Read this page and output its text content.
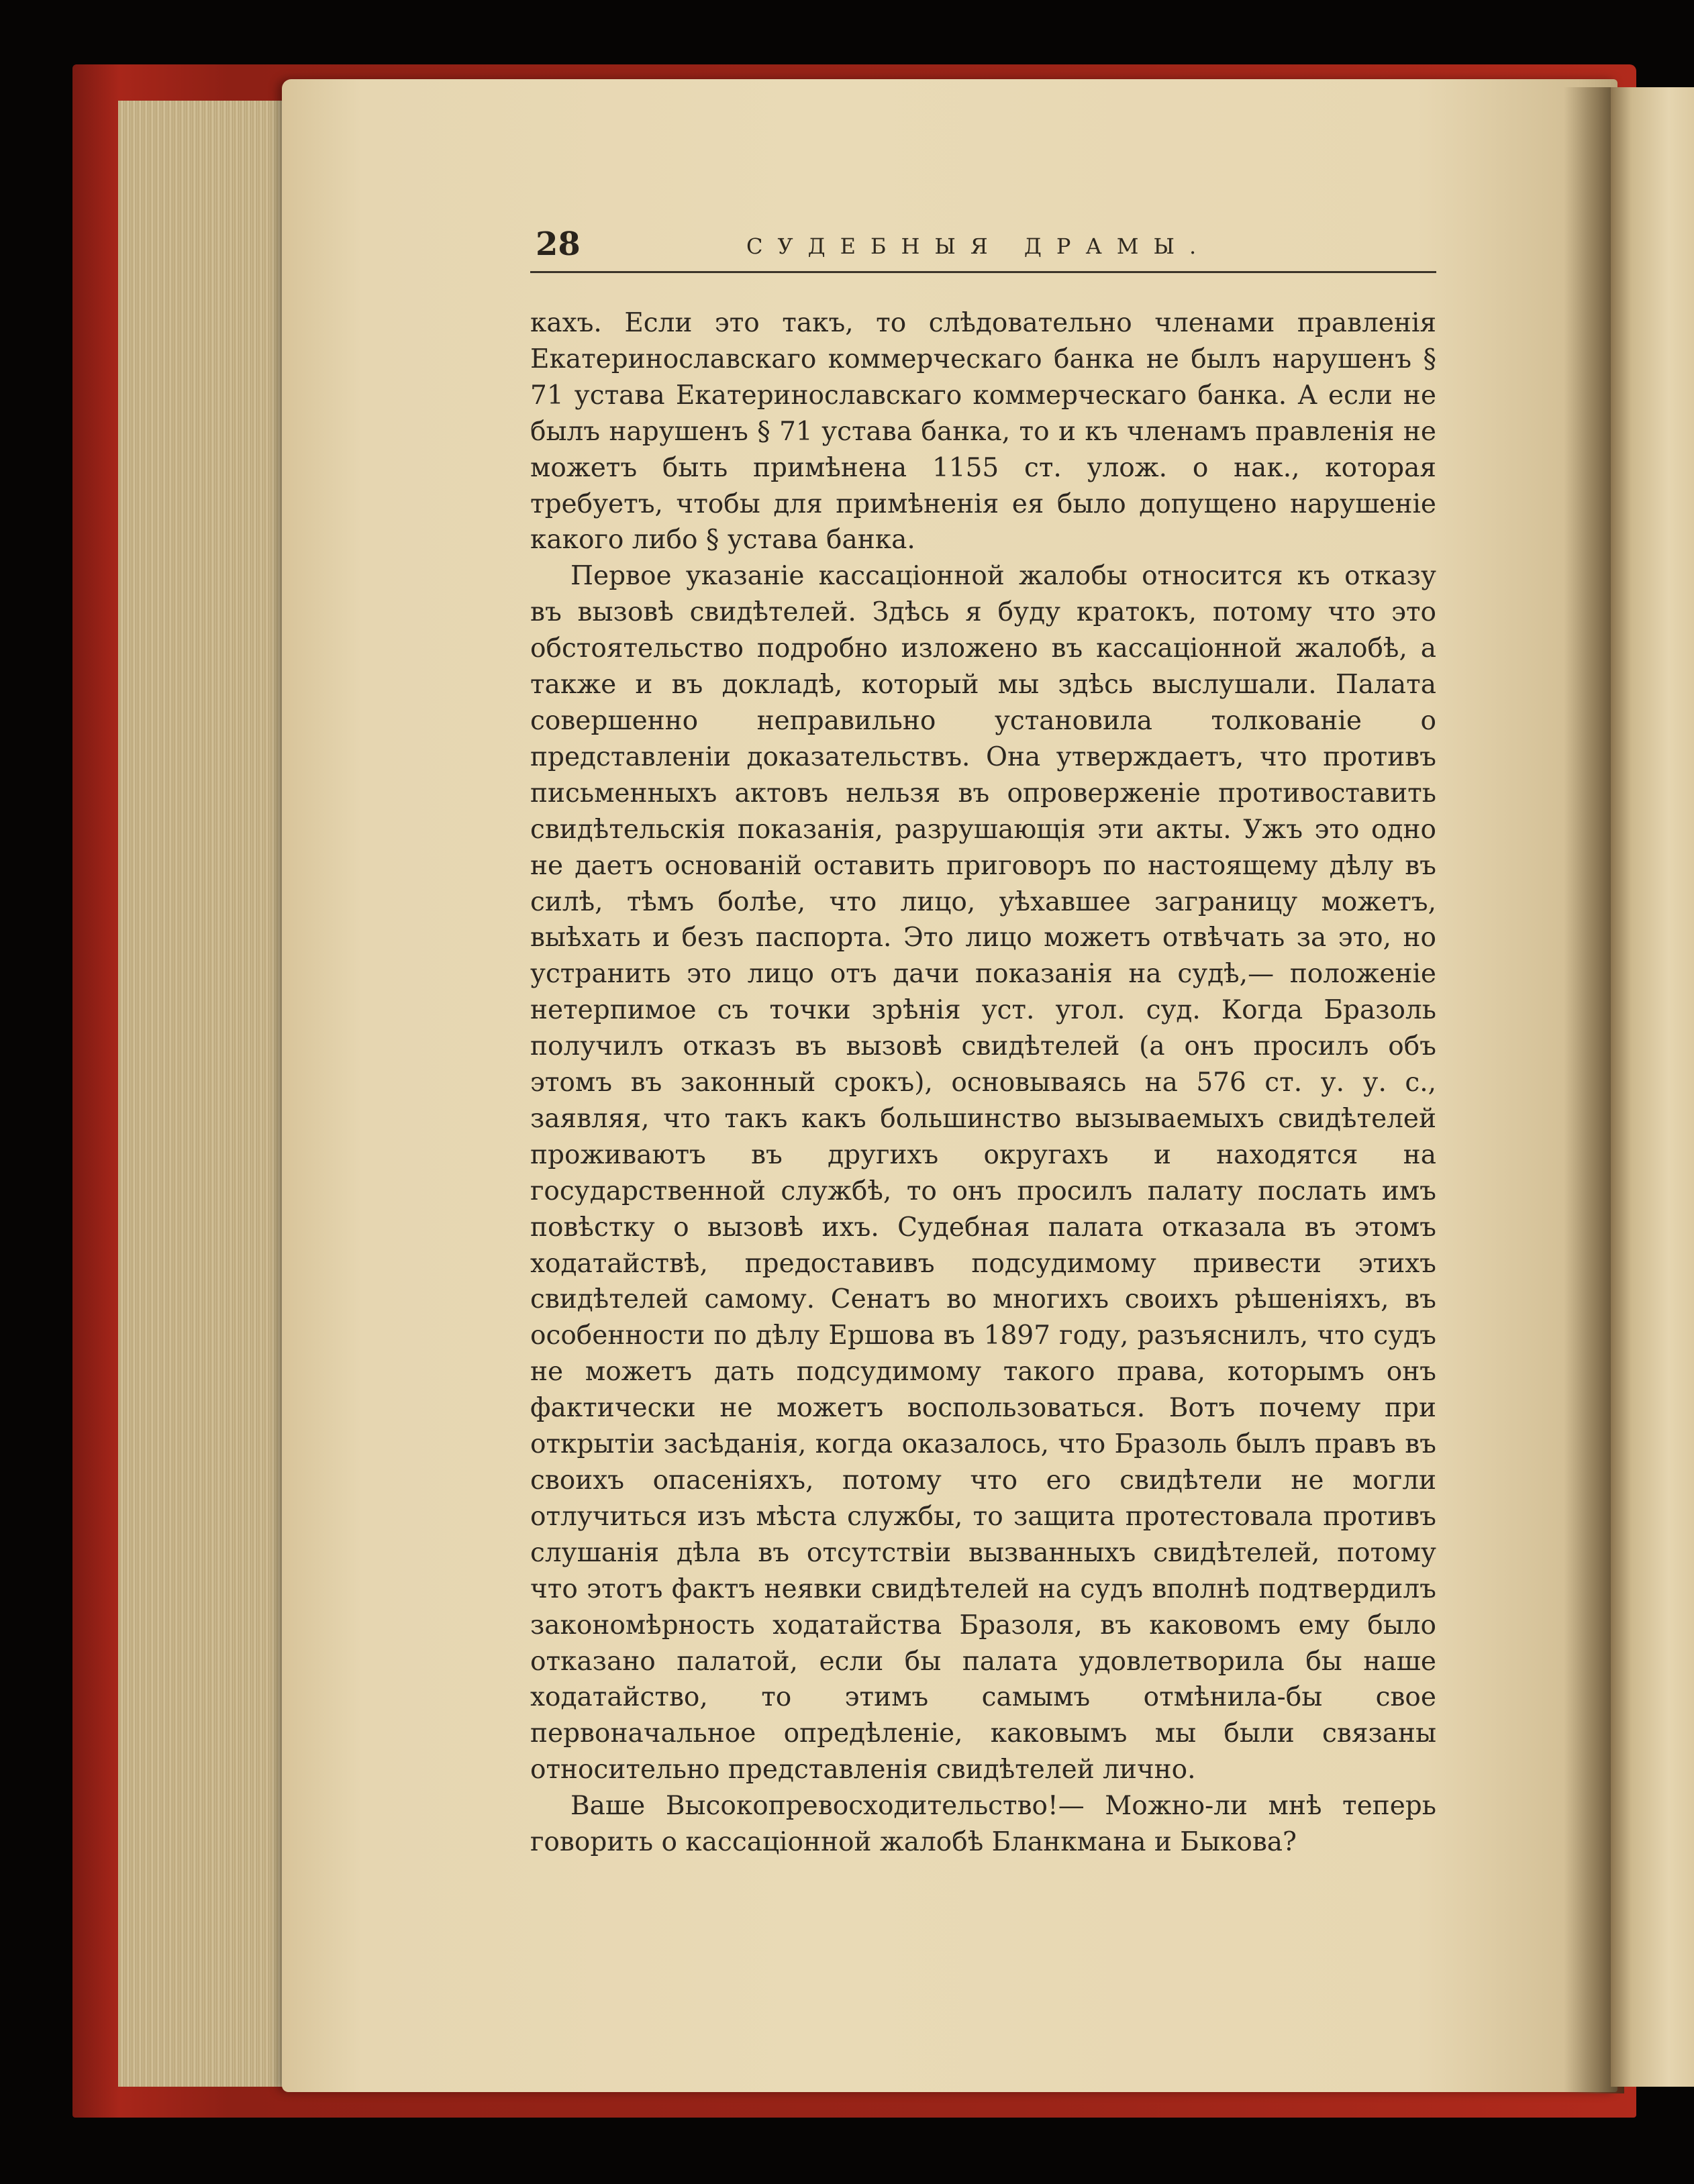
28	СУДЕБНЫЯ ДРАМЫ.

кахъ. Если это такъ, то слѣдовательно членами правленія Екатеринославскаго коммерческаго банка не былъ нарушенъ § 71 устава Екатеринославскаго коммерческаго банка. А если не былъ нарушенъ § 71 устава банка, то и къ членамъ правленія не можетъ быть примѣнена 1155 ст. улож. о нак., которая требуетъ, чтобы для примѣненія ея было допущено нарушеніе какого либо § устава банка.

Первое указаніе кассаціонной жалобы относится къ отказу въ вызовѣ свидѣтелей. Здѣсь я буду кратокъ, потому что это обстоятельство подробно изложено въ кассаціонной жалобѣ, а также и въ докладѣ, который мы здѣсь выслушали. Палата совершенно неправильно установила толкованіе о представленіи доказательствъ. Она утверждаетъ, что противъ письменныхъ актовъ нельзя въ опроверженіе противоставить свидѣтельскія показанія, разрушающія эти акты. Ужъ это одно не даетъ основаній оставить приговоръ по настоящему дѣлу въ силѣ, тѣмъ болѣе, что лицо, уѣхавшее заграницу можетъ, выѣхать и безъ паспорта. Это лицо можетъ отвѣчать за это, но устранить это лицо отъ дачи показанія на судѣ,— положеніе нетерпимое съ точки зрѣнія уст. угол. суд. Когда Бразоль получилъ отказъ въ вызовѣ свидѣтелей (а онъ просилъ объ этомъ въ законный срокъ), основываясь на 576 ст. у. у. с., заявляя, что такъ какъ большинство вызываемыхъ свидѣтелей проживаютъ въ другихъ округахъ и находятся на государственной службѣ, то онъ просилъ палату послать имъ повѣстку о вызовѣ ихъ. Судебная палата отказала въ этомъ ходатайствѣ, предоставивъ подсудимому привести этихъ свидѣтелей самому. Сенатъ во многихъ своихъ рѣшеніяхъ, въ особенности по дѣлу Ершова въ 1897 году, разъяснилъ, что судъ не можетъ дать подсудимому такого права, которымъ онъ фактически не можетъ воспользоваться. Вотъ почему при открытіи засѣданія, когда оказалось, что Бразоль былъ правъ въ своихъ опасеніяхъ, потому что его свидѣтели не могли отлучиться изъ мѣста службы, то защита протестовала противъ слушанія дѣла въ отсутствіи вызванныхъ свидѣтелей, потому что этотъ фактъ неявки свидѣтелей на судъ вполнѣ подтвердилъ закономѣрность ходатайства Бразоля, въ каковомъ ему было отказано палатой, если бы палата удовлетворила бы наше ходатайство, то этимъ самымъ отмѣнила-бы свое первоначальное опредѣленіе, каковымъ мы были связаны относительно представленія свидѣтелей лично.

Ваше Высокопревосходительство!— Можно-ли мнѣ теперь говорить о кассаціонной жалобѣ Бланкмана и Быкова?
